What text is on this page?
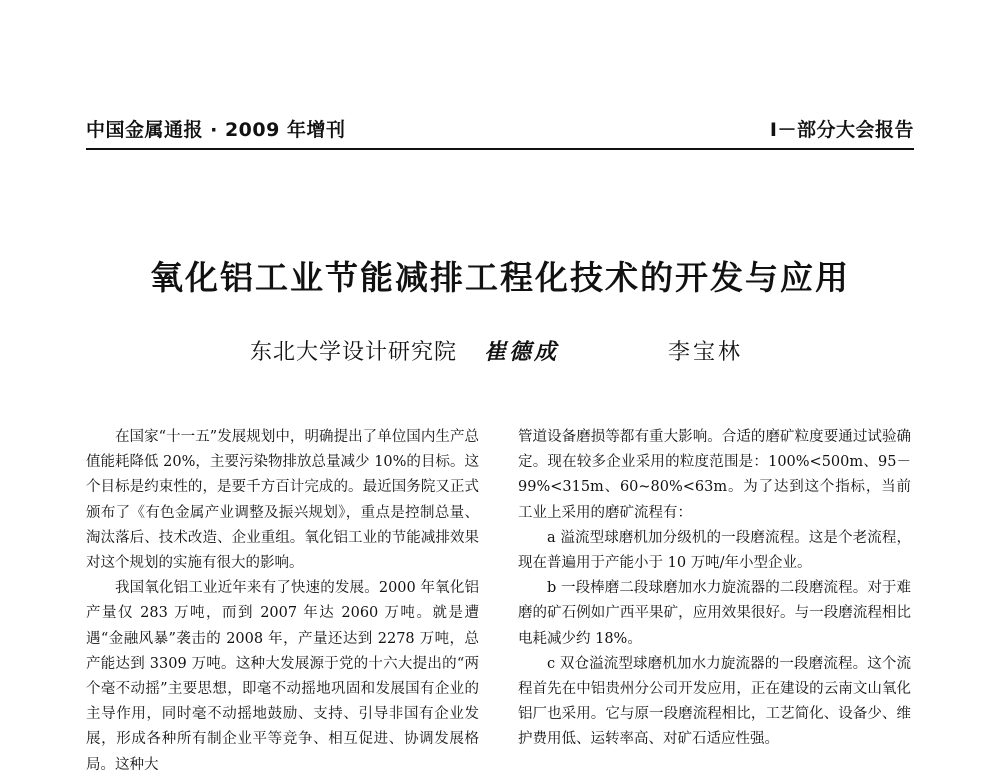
中国金属通报 · 2009 年增刊	I－部分大会报告
氧化铝工业节能减排工程化技术的开发与应用
东北大学设计研究院 崔德成	李宝林

在国家“十一五”发展规划中，明确提出了单位国内生产总值能耗降低 20%，主要污染物排放总量减少 10%的目标。这个目标是约束性的，是要千方百计完成的。最近国务院又正式颁布了《有色金属产业调整及振兴规划》，重点是控制总量、淘汰落后、技术改造、企业重组。氧化铝工业的节能减排效果对这个规划的实施有很大的影响。

我国氧化铝工业近年来有了快速的发展。2000 年氧化铝产量仅 283 万吨，而到 2007 年达 2060 万吨。就是遭遇“金融风暴”袭击的 2008 年，产量还达到 2278 万吨，总产能达到 3309 万吨。这种大发展源于党的十六大提出的“两个毫不动摇”主要思想，即毫不动摇地巩固和发展国有企业的主导作用，同时毫不动摇地鼓励、支持、引导非国有企业发展，形成各种所有制企业平等竞争、相互促进、协调发展格局。这种大

管道设备磨损等都有重大影响。合适的磨矿粒度要通过试验确定。现在较多企业采用的粒度范围是：100%<500m、95－99%<315m、60~80%<63m。为了达到这个指标，当前工业上采用的磨矿流程有：

a 溢流型球磨机加分级机的一段磨流程。这是个老流程，现在普遍用于产能小于 10 万吨/年小型企业。

b 一段棒磨二段球磨加水力旋流器的二段磨流程。对于难磨的矿石例如广西平果矿，应用效果很好。与一段磨流程相比电耗减少约 18%。

c 双仓溢流型球磨机加水力旋流器的一段磨流程。这个流程首先在中铝贵州分公司开发应用，正在建设的云南文山氧化铝厂也采用。它与原一段磨流程相比，工艺简化、设备少、维护费用低、运转率高、对矿石适应性强。
